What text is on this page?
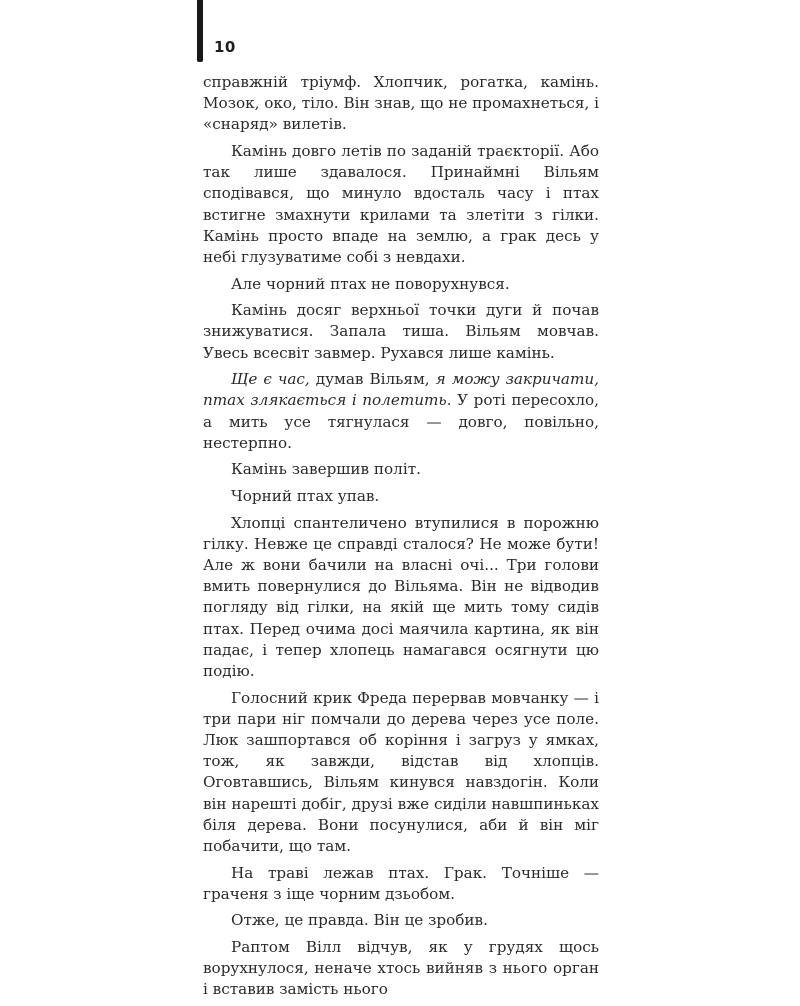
10

справжній тріумф. Хлопчик, рогатка, камінь. Мозок, око, тіло. Він знав, що не промахнеться, і «снаряд» вилетів.

Камінь довго летів по заданій траєкторії. Або так лише здавалося. Принаймні Вільям сподівався, що минуло вдосталь часу і птах встигне змахнути крилами та злетіти з гілки. Камінь просто впаде на землю, а грак десь у небі глузуватиме собі з невдахи.

Але чорний птах не поворухнувся.

Камінь досяг верхньої точки дуги й почав знижуватися. Запала тиша. Вільям мовчав. Увесь всесвіт завмер. Рухався лише камінь.

Ще є час, думав Вільям, я можу закричати, птах злякається і полетить. У роті пересохло, а мить усе тягнулася — довго, повільно, нестерпно.

Камінь завершив політ.

Чорний птах упав.

Хлопці спантеличено втупилися в порожню гілку. Невже це справді сталося? Не може бути! Але ж вони бачили на власні очі... Три голови вмить повернулися до Вільяма. Він не відводив погляду від гілки, на якій ще мить тому сидів птах. Перед очима досі маячила картина, як він падає, і тепер хлопець намагався осягнути цю подію.

Голосний крик Фреда перервав мовчанку — і три пари ніг помчали до дерева через усе поле. Люк зашпортався об коріння і загруз у ямках, тож, як завжди, відстав від хлопців. Оговтавшись, Вільям кинувся навздогін. Коли він нарешті добіг, друзі вже сиділи навшпиньках біля дерева. Вони посунулися, аби й він міг побачити, що там.

На траві лежав птах. Грак. Точніше — граченя з іще чорним дзьобом.

Отже, це правда. Він це зробив.

Раптом Вілл відчув, як у грудях щось ворухнулося, неначе хтось вийняв з нього орган і вставив замість нього
